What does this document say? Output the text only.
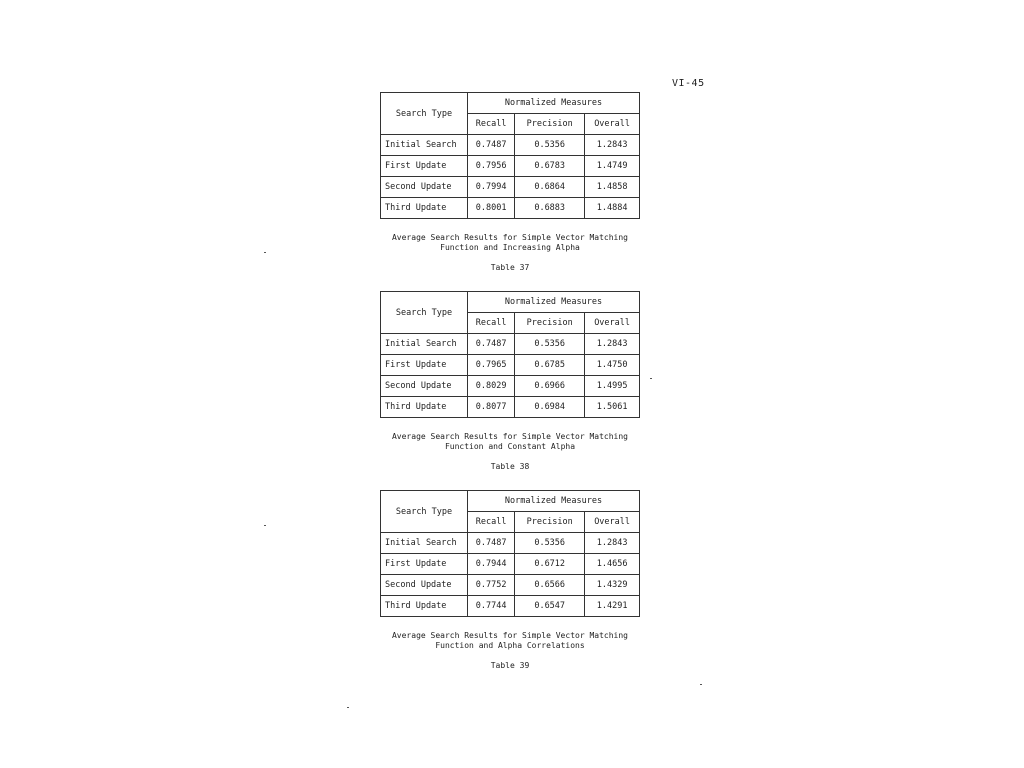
VI-45
Search Type	Normalized Measures		
	Recall	Precision	Overall
Initial Search	0.7487	0.5356	1.2843
First Update	0.7956	0.6783	1.4749
Second Update	0.7994	0.6864	1.4858
Third Update	0.8001	0.6883	1.4884
Average Search Results for Simple Vector Matching
Function and Increasing Alpha
Table 37
Search Type	Normalized Measures		
	Recall	Precision	Overall
Initial Search	0.7487	0.5356	1.2843
First Update	0.7965	0.6785	1.4750
Second Update	0.8029	0.6966	1.4995
Third Update	0.8077	0.6984	1.5061
Average Search Results for Simple Vector Matching
Function and Constant Alpha
Table 38
Search Type	Normalized Measures		
	Recall	Precision	Overall
Initial Search	0.7487	0.5356	1.2843
First Update	0.7944	0.6712	1.4656
Second Update	0.7752	0.6566	1.4329
Third Update	0.7744	0.6547	1.4291
Average Search Results for Simple Vector Matching
Function and Alpha Correlations
Table 39
